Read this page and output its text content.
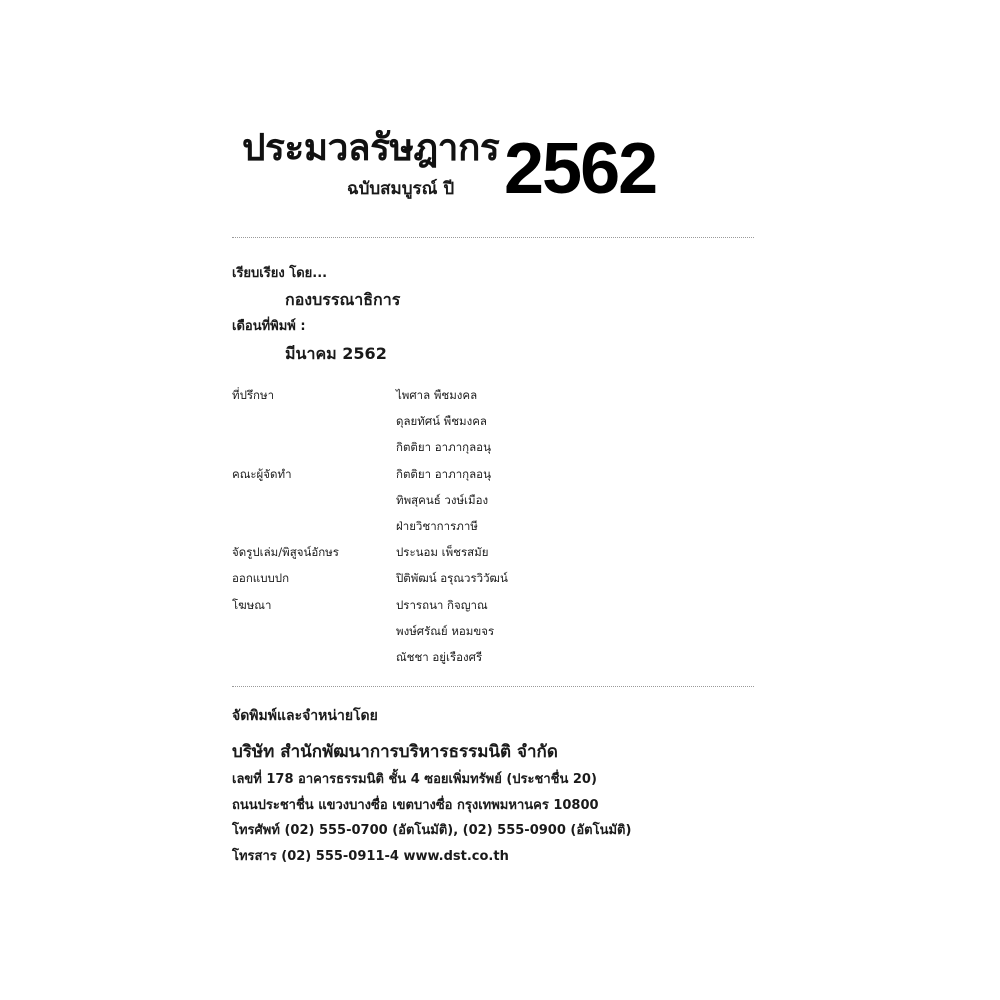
ประมวลรัษฎากร 2562
ฉบับสมบูรณ์ ปี
เรียบเรียง โดย...
กองบรรณาธิการ
เดือนที่พิมพ์ :
มีนาคม 2562
ที่ปรึกษา	ไพศาล พืชมงคล
ดุลยทัศน์ พืชมงคล
กิตติยา อาภากุลอนุ
คณะผู้จัดทำ	กิตติยา อาภากุลอนุ
ทิพสุคนธ์ วงษ์เมือง
ฝ่ายวิชาการภาษี
จัดรูปเล่ม/พิสูจน์อักษร	ประนอม เพ็ชรสมัย
ออกแบบปก	ปิติพัฒน์ อรุณวรวิวัฒน์
โฆษณา	ปรารถนา กิจญาณ
พงษ์ศรัณย์ หอมขจร
ณัชชา อยู่เรืองศรี
จัดพิมพ์และจำหน่ายโดย
บริษัท สำนักพัฒนาการบริหารธรรมนิติ จำกัด
เลขที่ 178 อาคารธรรมนิติ ชั้น 4 ซอยเพิ่มทรัพย์ (ประชาชื่น 20)
ถนนประชาชื่น แขวงบางซื่อ เขตบางซื่อ กรุงเทพมหานคร 10800
โทรศัพท์ (02) 555-0700 (อัตโนมัติ), (02) 555-0900 (อัตโนมัติ)
โทรสาร (02) 555-0911-4 www.dst.co.th
